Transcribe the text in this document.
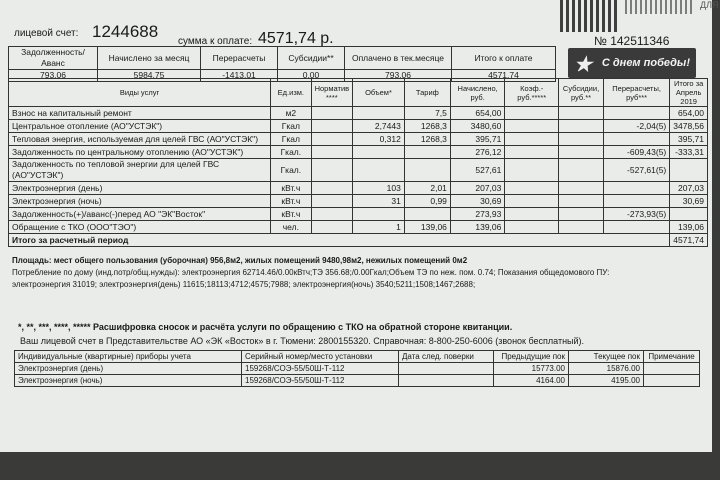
ДЛЯ
лицевой счет: 1244688
сумма к оплате: 4571,74 р.	№ 142511346
★ С днем победы!
Задолженность/Аванс	Начислено за месяц	Перерасчеты	Субсидии**	Оплачено в тек.месяце	Итого к оплате
793,06	5984,75	-1413,01	0,00	793,06	4571,74
Виды услуг	Ед.изм.	Норматив ****	Объем*	Тариф	Начислено, руб.	Коэф.-руб.*****	Субсидии, руб.**	Перерасчеты, руб***	Итого за Апрель 2019
Взнос на капитальный ремонт	м2			7,5	654,00				654,00
Центральное отопление (АО"УСТЭК")	Гкал		2,7443	1268,3	3480,60			-2,04(5)	3478,56
Тепловая энергия, используемая для целей ГВС (АО"УСТЭК")	Гкал		0,312	1268,3	395,71				395,71
Задолженность по центральному отоплению (АО"УСТЭК")	Гкал.				276,12			-609,43(5)	-333,31
Задолженность по тепловой энергии для целей ГВС (АО"УСТЭК")	Гкал.				527,61			-527,61(5)	
Электроэнергия (день)	кВт.ч		103	2,01	207,03				207,03
Электроэнергия (ночь)	кВт.ч		31	0,99	30,69				30,69
Задолженность(+)/аванс(-)перед АО "ЭК"Восток"	кВт.ч				273,93			-273,93(5)	
Обращение с ТКО (ООО"ТЭО")	чел.		1	139,06	139,06				139,06
Итого за расчетный период									4571,74
Площадь: мест общего пользования (уборочная) 956,8м2, жилых помещений 9480,98м2, нежилых помещений 0м2
Потребление по дому (инд.потр/общ.нужды): электроэнергия 62714.46/0.00кВтч;ТЭ 356.68;/0.00Гкал;Объем ТЭ по неж. пом. 0.74; Показания общедомового ПУ:
электроэнергия 31019; электроэнергия(день) 11615;18113;4712;4575;7988; электроэнергия(ночь) 3540;5211;1508;1467;2688;
*, **, ***, ****, ***** Расшифровка сносок и расчёта услуги по обращению с ТКО на обратной стороне квитанции.
Ваш лицевой счет в Представительстве АО «ЭК «Восток» в г. Тюмени: 2800155320. Справочная: 8-800-250-6006 (звонок бесплатный).
Индивидуальные (квартирные) приборы учета	Серийный номер/место установки	Дата след. поверки	Предыдущие пок	Текущее пок	Примечание
Электроэнергия (день)	159268/СОЭ-55/50Ш-Т-112		15773.00	15876.00	
Электроэнергия (ночь)	159268/СОЭ-55/50Ш-Т-112		4164.00	4195.00	
